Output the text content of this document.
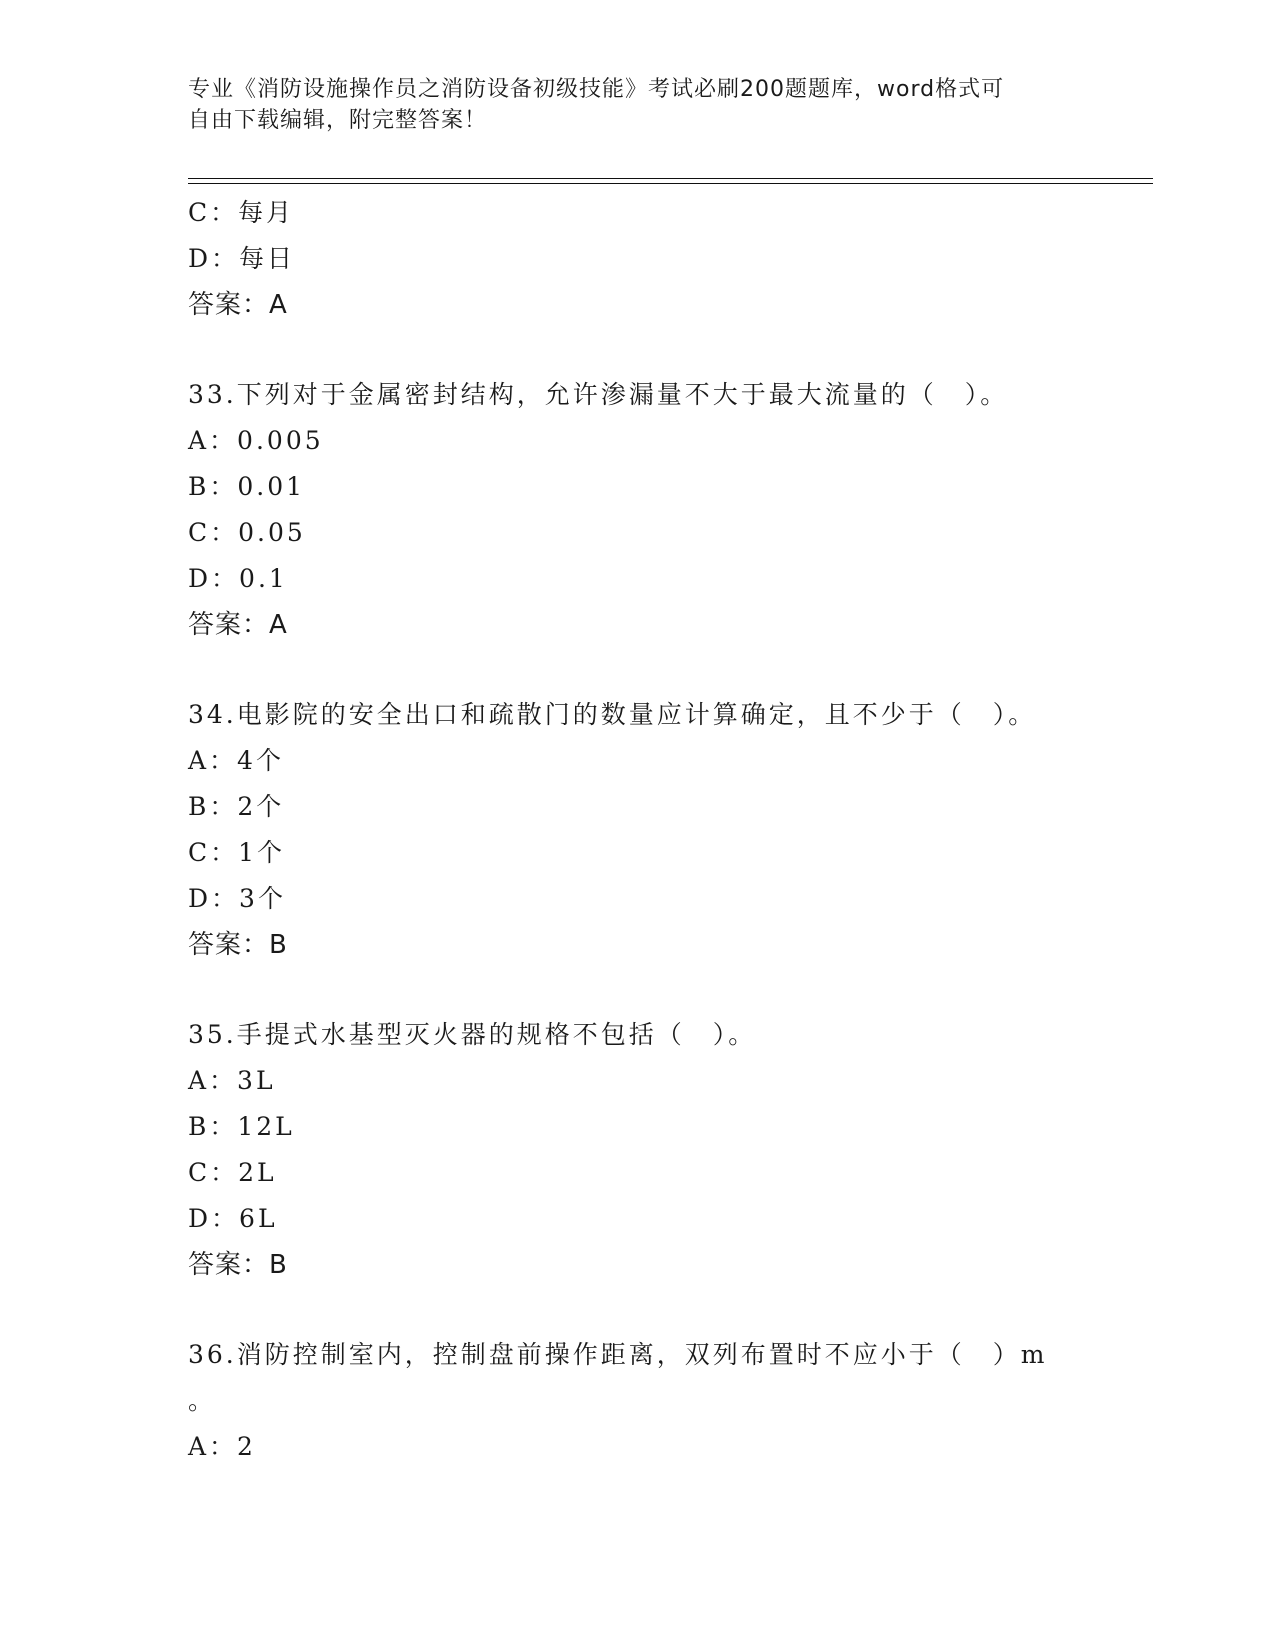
专业《消防设施操作员之消防设备初级技能》考试必刷200题题库，word格式可
自由下载编辑，附完整答案！
C：每月
D：每日
答案：A
33.下列对于金属密封结构，允许渗漏量不大于最大流量的（　）。
A：0.005
B：0.01
C：0.05
D：0.1
答案：A
34.电影院的安全出口和疏散门的数量应计算确定，且不少于（　）。
A：4个
B：2个
C：1个
D：3个
答案：B
35.手提式水基型灭火器的规格不包括（　）。
A：3L
B：12L
C：2L
D：6L
答案：B
36.消防控制室内，控制盘前操作距离，双列布置时不应小于（　）m
。
A：2
